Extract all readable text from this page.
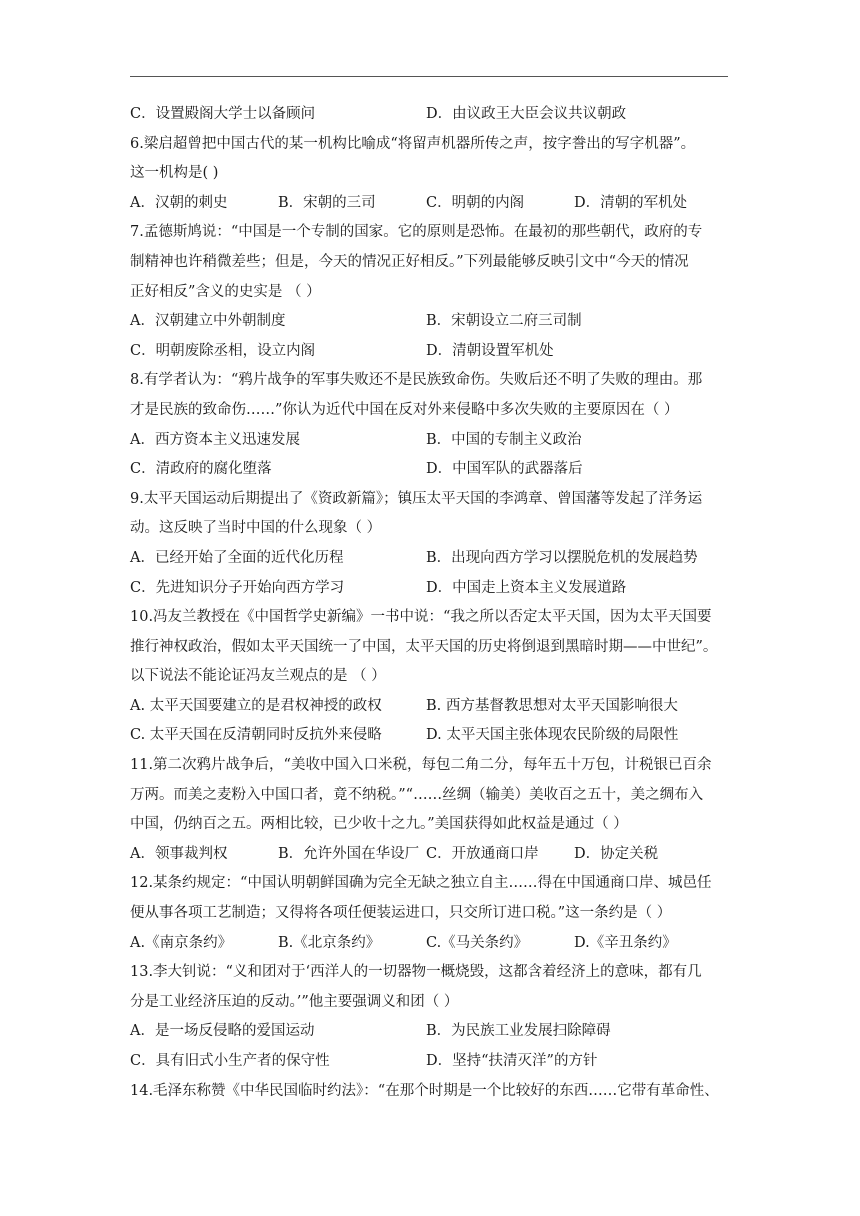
C．设置殿阁大学士以备顾问	D．由议政王大臣会议共议朝政
6.梁启超曾把中国古代的某一机构比喻成“将留声机器所传之声，按字誊出的写字机器”。
这一机构是( )
A．汉朝的刺史	B．宋朝的三司	C．明朝的内阁	D．清朝的军机处
7.孟德斯鸠说：“中国是一个专制的国家。它的原则是恐怖。在最初的那些朝代，政府的专
制精神也许稍微差些；但是，今天的情况正好相反。”下列最能够反映引文中“今天的情况
正好相反”含义的史实是 （ ）
A．汉朝建立中外朝制度	B．宋朝设立二府三司制
C．明朝废除丞相，设立内阁	D．清朝设置军机处
8.有学者认为：“鸦片战争的军事失败还不是民族致命伤。失败后还不明了失败的理由。那
才是民族的致命伤……”你认为近代中国在反对外来侵略中多次失败的主要原因在（ ）
A．西方资本主义迅速发展	B．中国的专制主义政治
C．清政府的腐化堕落	D．中国军队的武器落后
9.太平天国运动后期提出了《资政新篇》；镇压太平天国的李鸿章、曾国藩等发起了洋务运
动。这反映了当时中国的什么现象（ ）
A．已经开始了全面的近代化历程	B．出现向西方学习以摆脱危机的发展趋势
C．先进知识分子开始向西方学习	D．中国走上资本主义发展道路
10.冯友兰教授在《中国哲学史新编》一书中说：“我之所以否定太平天国，因为太平天国要
推行神权政治，假如太平天国统一了中国，太平天国的历史将倒退到黑暗时期——中世纪”。
以下说法不能论证冯友兰观点的是 （ ）
A. 太平天国要建立的是君权神授的政权	B. 西方基督教思想对太平天国影响很大
C. 太平天国在反清朝同时反抗外来侵略	D. 太平天国主张体现农民阶级的局限性
11.第二次鸦片战争后，“美收中国入口米税，每包二角二分，每年五十万包，计税银已百余
万两。而美之麦粉入中国口者，竟不纳税。”“……丝绸（输美）美收百之五十，美之绸布入
中国，仍纳百之五。两相比较，已少收十之九。”美国获得如此权益是通过（ ）
A．领事裁判权	B．允许外国在华设厂 C．开放通商口岸	D．协定关税
12.某条约规定：“中国认明朝鲜国确为完全无缺之独立自主……得在中国通商口岸、城邑任
便从事各项工艺制造；又得将各项任便装运进口，只交所订进口税。”这一条约是（ ）
A.《南京条约》	B.《北京条约》	C.《马关条约》	D.《辛丑条约》
13.李大钊说：“义和团对于‘西洋人的一切器物一概烧毁，这都含着经济上的意味，都有几
分是工业经济压迫的反动。’”他主要强调义和团（ ）
A．是一场反侵略的爱国运动	B．为民族工业发展扫除障碍
C．具有旧式小生产者的保守性	D．坚持“扶清灭洋”的方针
14.毛泽东称赞《中华民国临时约法》：“在那个时期是一个比较好的东西……它带有革命性、
